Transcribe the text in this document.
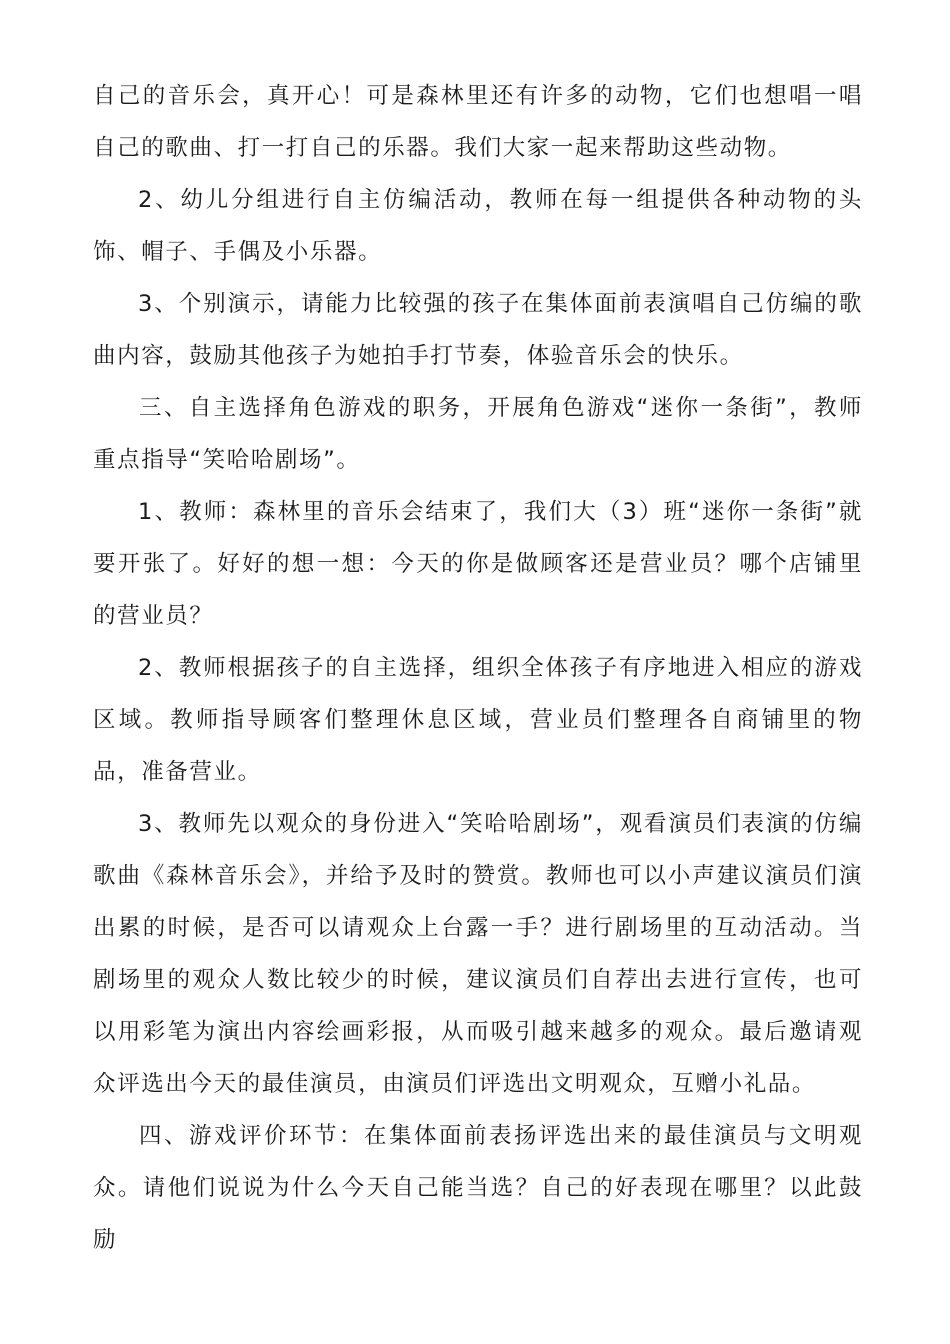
自己的音乐会，真开心！可是森林里还有许多的动物，它们也想唱一唱自己的歌曲、打一打自己的乐器。我们大家一起来帮助这些动物。

2、幼儿分组进行自主仿编活动，教师在每一组提供各种动物的头饰、帽子、手偶及小乐器。

3、个别演示，请能力比较强的孩子在集体面前表演唱自己仿编的歌曲内容，鼓励其他孩子为她拍手打节奏，体验音乐会的快乐。

三、自主选择角色游戏的职务，开展角色游戏“迷你一条街”，教师重点指导“笑哈哈剧场”。

1、教师：森林里的音乐会结束了，我们大（3）班“迷你一条街”就要开张了。好好的想一想：今天的你是做顾客还是营业员？哪个店铺里的营业员？

2、教师根据孩子的自主选择，组织全体孩子有序地进入相应的游戏区域。教师指导顾客们整理休息区域，营业员们整理各自商铺里的物品，准备营业。

3、教师先以观众的身份进入“笑哈哈剧场”，观看演员们表演的仿编歌曲《森林音乐会》，并给予及时的赞赏。教师也可以小声建议演员们演出累的时候，是否可以请观众上台露一手？进行剧场里的互动活动。当剧场里的观众人数比较少的时候，建议演员们自荐出去进行宣传，也可以用彩笔为演出内容绘画彩报，从而吸引越来越多的观众。最后邀请观众评选出今天的最佳演员，由演员们评选出文明观众，互赠小礼品。

四、游戏评价环节：在集体面前表扬评选出来的最佳演员与文明观众。请他们说说为什么今天自己能当选？自己的好表现在哪里？以此鼓励
